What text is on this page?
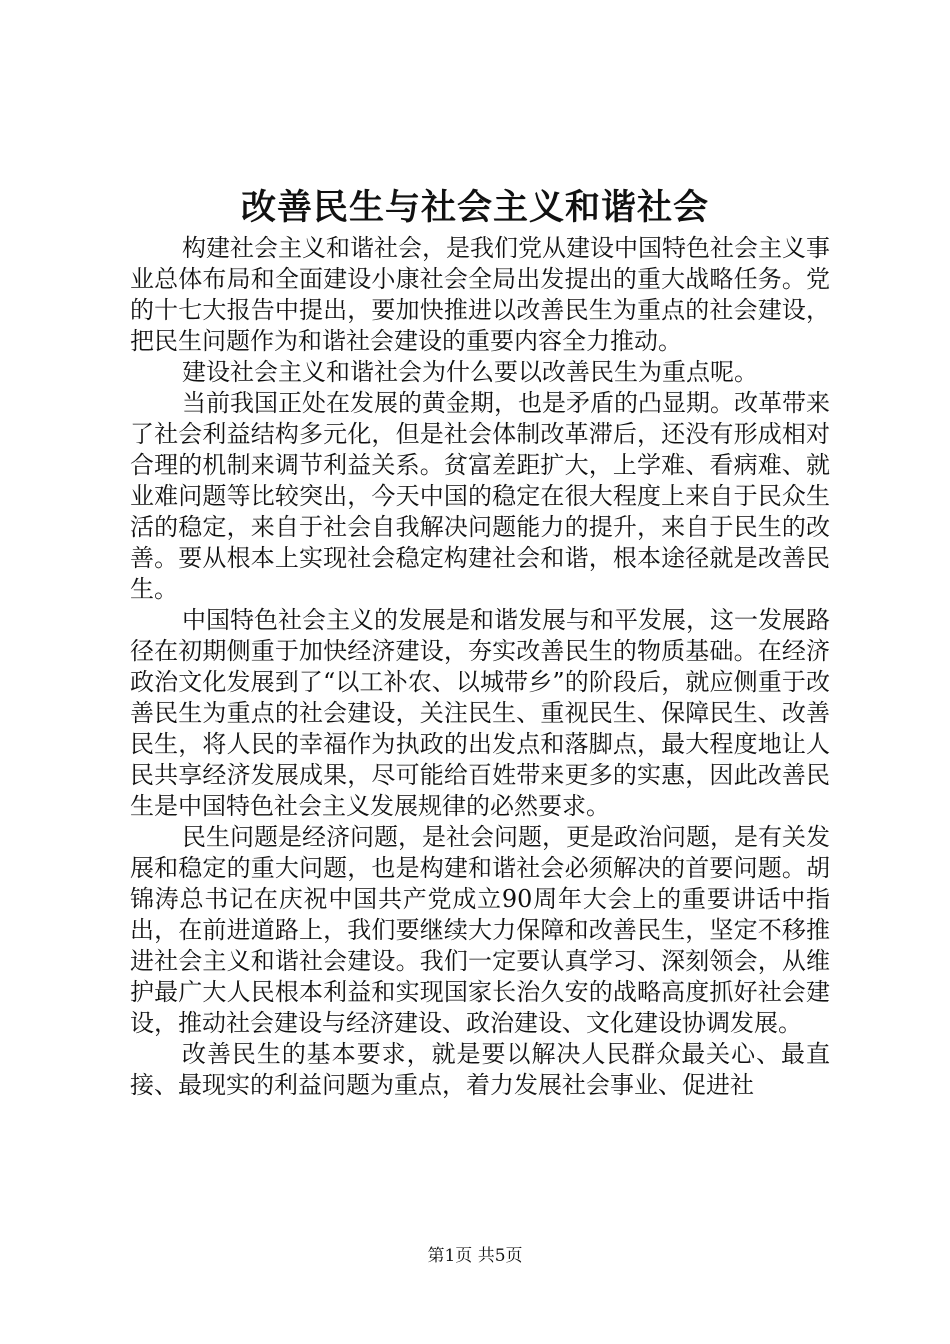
改善民生与社会主义和谐社会

构建社会主义和谐社会，是我们党从建设中国特色社会主义事业总体布局和全面建设小康社会全局出发提出的重大战略任务。党的十七大报告中提出，要加快推进以改善民生为重点的社会建设，把民生问题作为和谐社会建设的重要内容全力推动。

建设社会主义和谐社会为什么要以改善民生为重点呢。

当前我国正处在发展的黄金期，也是矛盾的凸显期。改革带来了社会利益结构多元化，但是社会体制改革滞后，还没有形成相对合理的机制来调节利益关系。贫富差距扩大，上学难、看病难、就业难问题等比较突出，今天中国的稳定在很大程度上来自于民众生活的稳定，来自于社会自我解决问题能力的提升，来自于民生的改善。要从根本上实现社会稳定构建社会和谐，根本途径就是改善民生。

中国特色社会主义的发展是和谐发展与和平发展，这一发展路径在初期侧重于加快经济建设，夯实改善民生的物质基础。在经济政治文化发展到了“以工补农、以城带乡”的阶段后，就应侧重于改善民生为重点的社会建设，关注民生、重视民生、保障民生、改善民生，将人民的幸福作为执政的出发点和落脚点，最大程度地让人民共享经济发展成果，尽可能给百姓带来更多的实惠，因此改善民生是中国特色社会主义发展规律的必然要求。

民生问题是经济问题，是社会问题，更是政治问题，是有关发展和稳定的重大问题，也是构建和谐社会必须解决的首要问题。胡锦涛总书记在庆祝中国共产党成立90周年大会上的重要讲话中指出，在前进道路上，我们要继续大力保障和改善民生，坚定不移推进社会主义和谐社会建设。我们一定要认真学习、深刻领会，从维护最广大人民根本利益和实现国家长治久安的战略高度抓好社会建设，推动社会建设与经济建设、政治建设、文化建设协调发展。

改善民生的基本要求，就是要以解决人民群众最关心、最直接、最现实的利益问题为重点，着力发展社会事业、促进社

第1页 共5页
